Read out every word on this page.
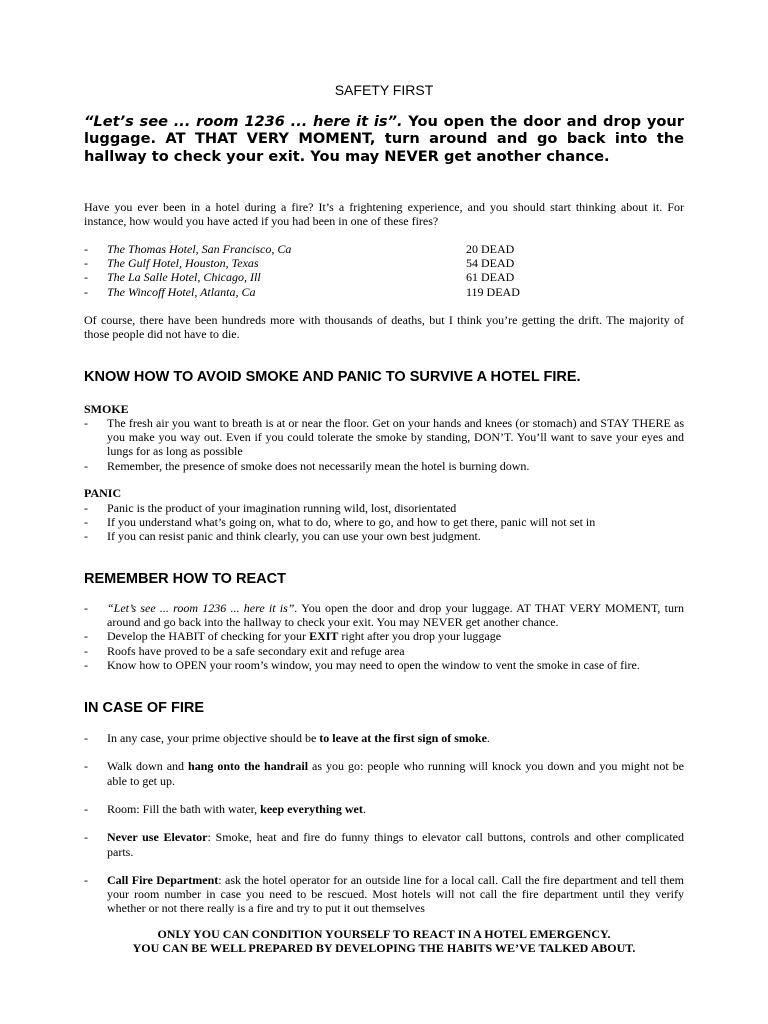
SAFETY FIRST
“Let’s see ... room 1236 ... here it is”. You open the door and drop your luggage. AT THAT VERY MOMENT, turn around and go back into the hallway to check your exit. You may NEVER get another chance.
Have you ever been in a hotel during a fire? It’s a frightening experience, and you should start thinking about it. For instance, how would you have acted if you had been in one of these fires?
- The Thomas Hotel, San Francisco, Ca	20 DEAD
- The Gulf Hotel, Houston, Texas	54 DEAD
- The La Salle Hotel, Chicago, Ill	61 DEAD
- The Wincoff Hotel, Atlanta, Ca	119 DEAD
Of course, there have been hundreds more with thousands of deaths, but I think you’re getting the drift. The majority of those people did not have to die.
KNOW HOW TO AVOID SMOKE AND PANIC TO SURVIVE A HOTEL FIRE.
SMOKE
- The fresh air you want to breath is at or near the floor. Get on your hands and knees (or stomach) and STAY THERE as you make you way out. Even if you could tolerate the smoke by standing, DON’T. You’ll want to save your eyes and lungs for as long as possible
- Remember, the presence of smoke does not necessarily mean the hotel is burning down.
PANIC
- Panic is the product of your imagination running wild, lost, disorientated
- If you understand what’s going on, what to do, where to go, and how to get there, panic will not set in
- If you can resist panic and think clearly, you can use your own best judgment.
REMEMBER HOW TO REACT
- “Let’s see ... room 1236 ... here it is”. You open the door and drop your luggage. AT THAT VERY MOMENT, turn around and go back into the hallway to check your exit. You may NEVER get another chance.
- Develop the HABIT of checking for your EXIT right after you drop your luggage
- Roofs have proved to be a safe secondary exit and refuge area
- Know how to OPEN your room’s window, you may need to open the window to vent the smoke in case of fire.
IN CASE OF FIRE
- In any case, your prime objective should be to leave at the first sign of smoke.
- Walk down and hang onto the handrail as you go: people who running will knock you down and you might not be able to get up.
- Room: Fill the bath with water, keep everything wet.
- Never use Elevator: Smoke, heat and fire do funny things to elevator call buttons, controls and other complicated parts.
- Call Fire Department: ask the hotel operator for an outside line for a local call. Call the fire department and tell them your room number in case you need to be rescued. Most hotels will not call the fire department until they verify whether or not there really is a fire and try to put it out themselves
ONLY YOU CAN CONDITION YOURSELF TO REACT IN A HOTEL EMERGENCY.
YOU CAN BE WELL PREPARED BY DEVELOPING THE HABITS WE’VE TALKED ABOUT.
